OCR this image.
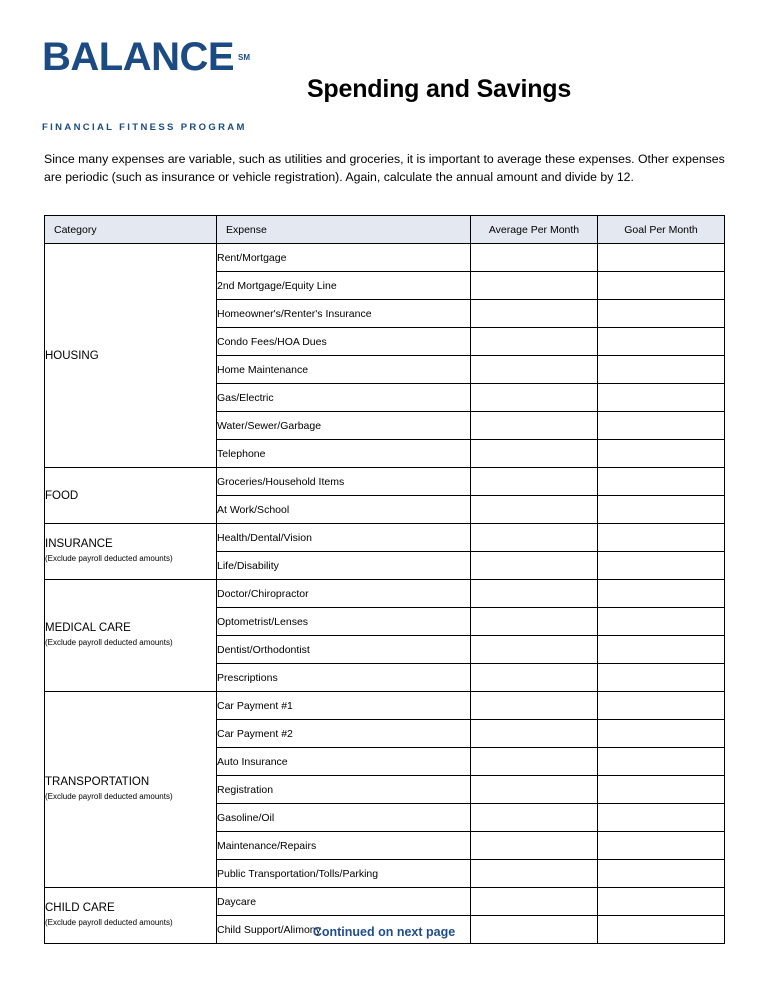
BALANCE SM
FINANCIAL FITNESS PROGRAM
Spending and Savings
Since many expenses are variable, such as utilities and groceries, it is important to average these expenses. Other expenses are periodic (such as insurance or vehicle registration). Again, calculate the annual amount and divide by 12.
Category	Expense	Average Per Month	Goal Per Month

HOUSING	Rent/Mortgage		
	2nd Mortgage/Equity Line		
	Homeowner's/Renter's Insurance		
	Condo Fees/HOA Dues		
	Home Maintenance		
	Gas/Electric		
	Water/Sewer/Garbage		
	Telephone		

FOOD	Groceries/Household Items		
	At Work/School		

INSURANCE
(Exclude payroll deducted amounts)	Health/Dental/Vision		
	Life/Disability		

MEDICAL CARE
(Exclude payroll deducted amounts)	Doctor/Chiropractor		
	Optometrist/Lenses		
	Dentist/Orthodontist		
	Prescriptions		

TRANSPORTATION
(Exclude payroll deducted amounts)	Car Payment #1		
	Car Payment #2		
	Auto Insurance		
	Registration		
	Gasoline/Oil		
	Maintenance/Repairs		
	Public Transportation/Tolls/Parking		

CHILD CARE
(Exclude payroll deducted amounts)	Daycare		
	Child Support/Alimony		
Continued on next page
